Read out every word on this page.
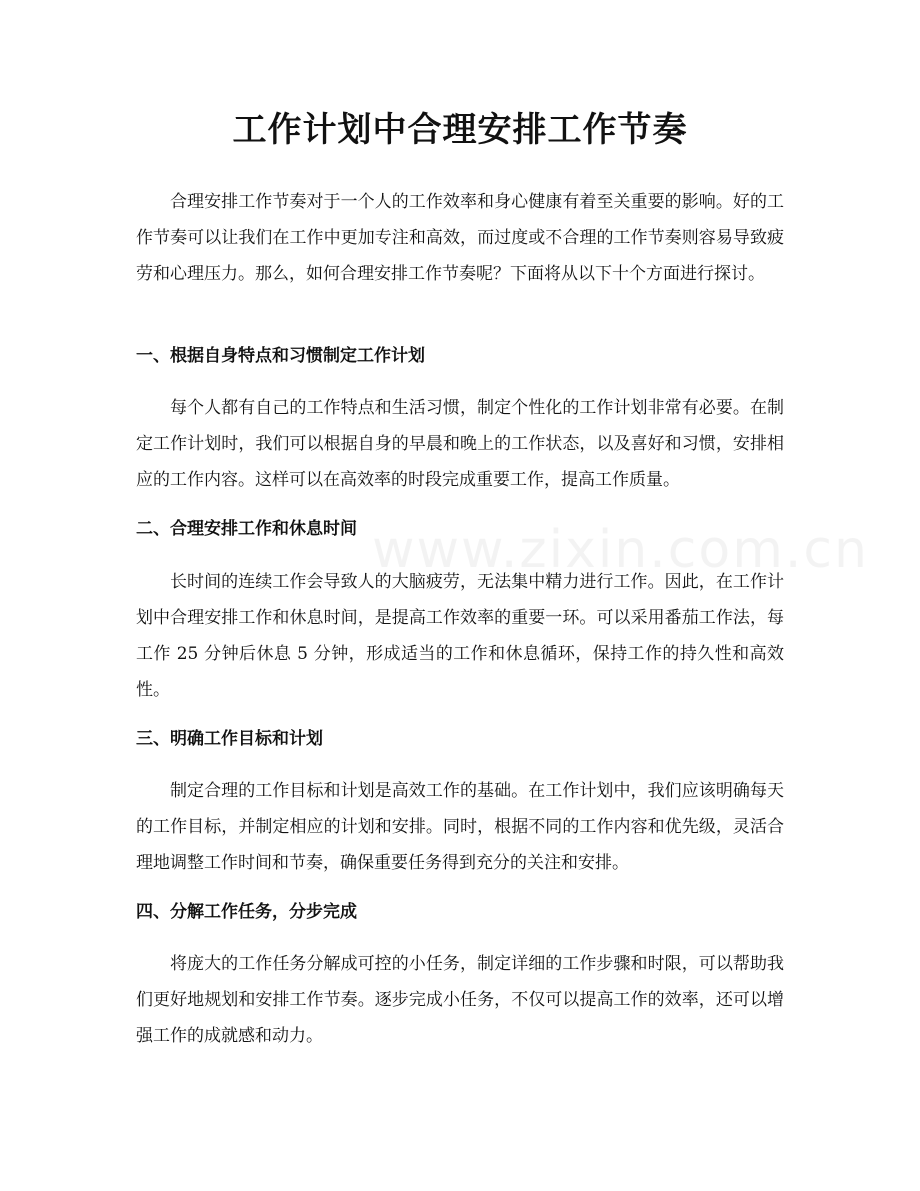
工作计划中合理安排工作节奏

合理安排工作节奏对于一个人的工作效率和身心健康有着至关重要的影响。好的工作节奏可以让我们在工作中更加专注和高效，而过度或不合理的工作节奏则容易导致疲劳和心理压力。那么，如何合理安排工作节奏呢？下面将从以下十个方面进行探讨。

一、根据自身特点和习惯制定工作计划

每个人都有自己的工作特点和生活习惯，制定个性化的工作计划非常有必要。在制定工作计划时，我们可以根据自身的早晨和晚上的工作状态，以及喜好和习惯，安排相应的工作内容。这样可以在高效率的时段完成重要工作，提高工作质量。

二、合理安排工作和休息时间

长时间的连续工作会导致人的大脑疲劳，无法集中精力进行工作。因此，在工作计划中合理安排工作和休息时间，是提高工作效率的重要一环。可以采用番茄工作法，每工作 25 分钟后休息 5 分钟，形成适当的工作和休息循环，保持工作的持久性和高效性。

三、明确工作目标和计划

制定合理的工作目标和计划是高效工作的基础。在工作计划中，我们应该明确每天的工作目标，并制定相应的计划和安排。同时，根据不同的工作内容和优先级，灵活合理地调整工作时间和节奏，确保重要任务得到充分的关注和安排。

四、分解工作任务，分步完成

将庞大的工作任务分解成可控的小任务，制定详细的工作步骤和时限，可以帮助我们更好地规划和安排工作节奏。逐步完成小任务，不仅可以提高工作的效率，还可以增强工作的成就感和动力。

www.zixin.com.cn
